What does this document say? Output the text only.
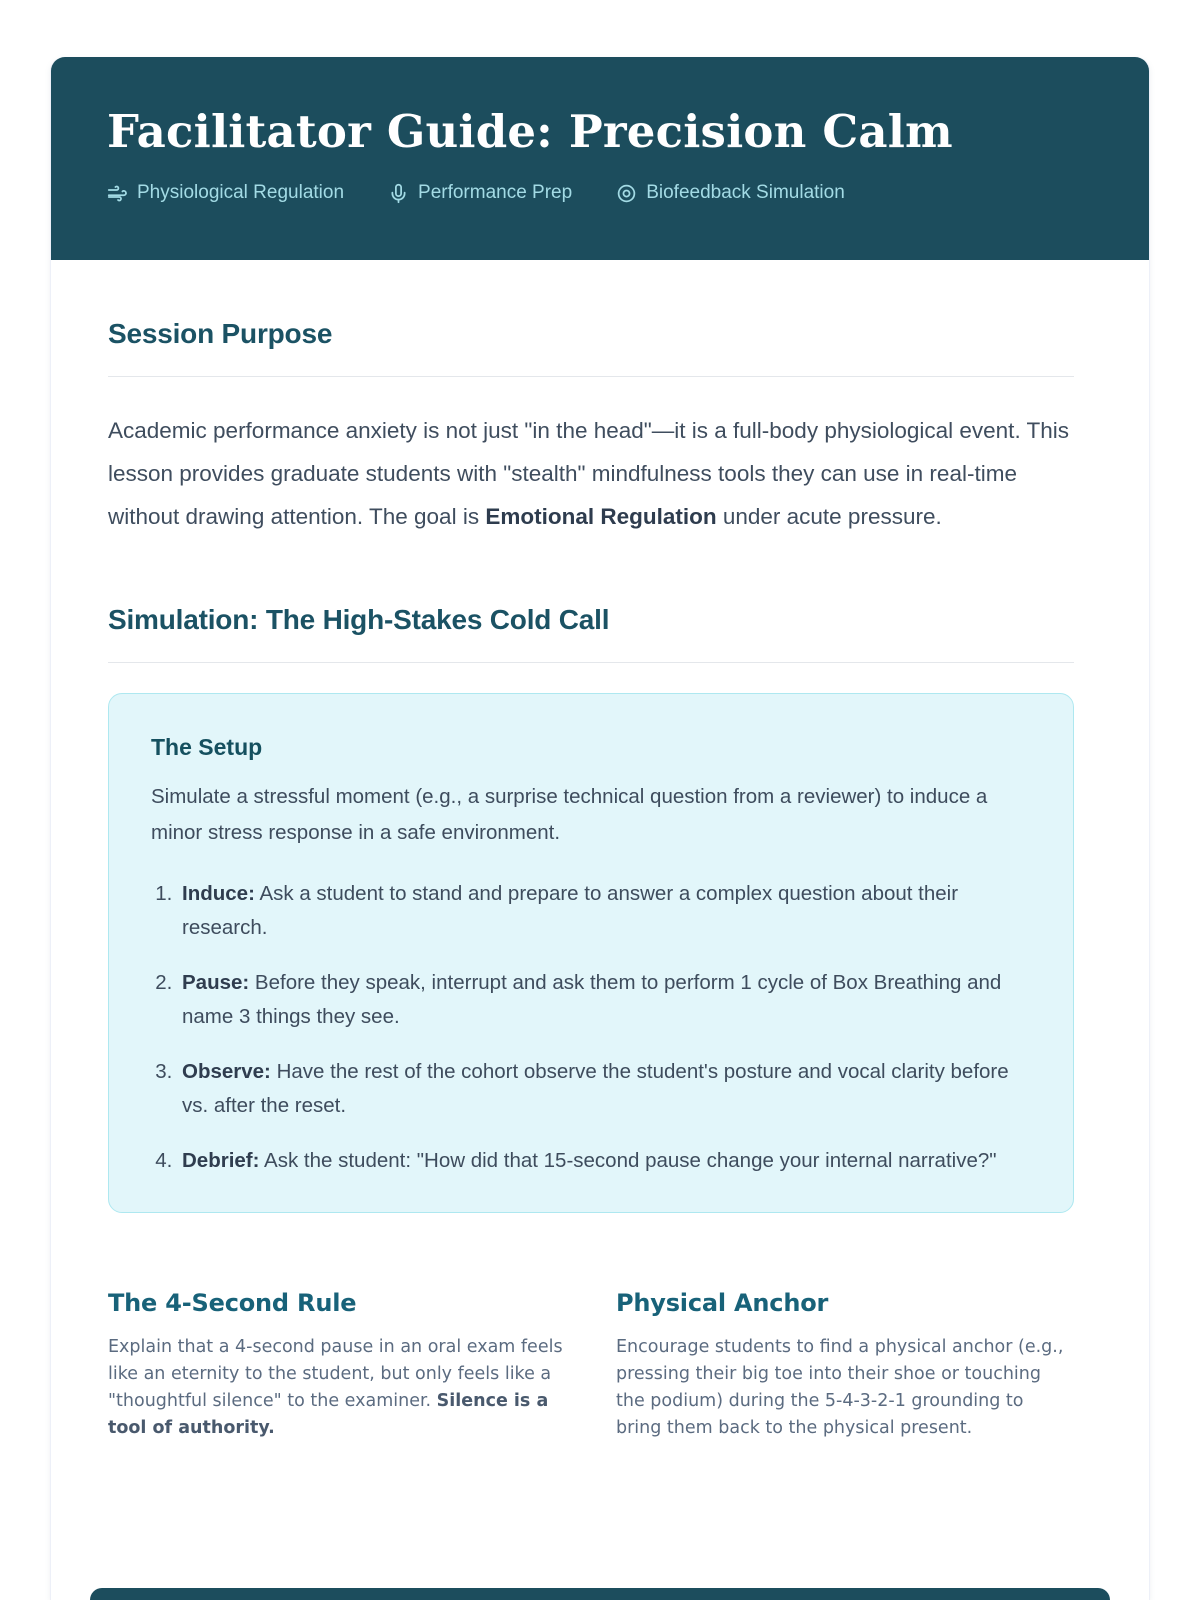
Facilitator Guide: Precision Calm
Physiological Regulation	Performance Prep	Biofeedback Simulation
Session Purpose

Academic performance anxiety is not just "in the head"—it is a full-body physiological event. This lesson provides graduate students with "stealth" mindfulness tools they can use in real-time without drawing attention. The goal is Emotional Regulation under acute pressure.

Simulation: The High-Stakes Cold Call
The Setup

Simulate a stressful moment (e.g., a surprise technical question from a reviewer) to induce a minor stress response in a safe environment.

1. Induce: Ask a student to stand and prepare to answer a complex question about their research.
2. Pause: Before they speak, interrupt and ask them to perform 1 cycle of Box Breathing and name 3 things they see.
3. Observe: Have the rest of the cohort observe the student's posture and vocal clarity before vs. after the reset.
4. Debrief: Ask the student: "How did that 15-second pause change your internal narrative?"
The 4-Second Rule

Explain that a 4-second pause in an oral exam feels like an eternity to the student, but only feels like a "thoughtful silence" to the examiner. Silence is a tool of authority.

Physical Anchor

Encourage students to find a physical anchor (e.g., pressing their big toe into their shoe or touching the podium) during the 5-4-3-2-1 grounding to bring them back to the physical present.
